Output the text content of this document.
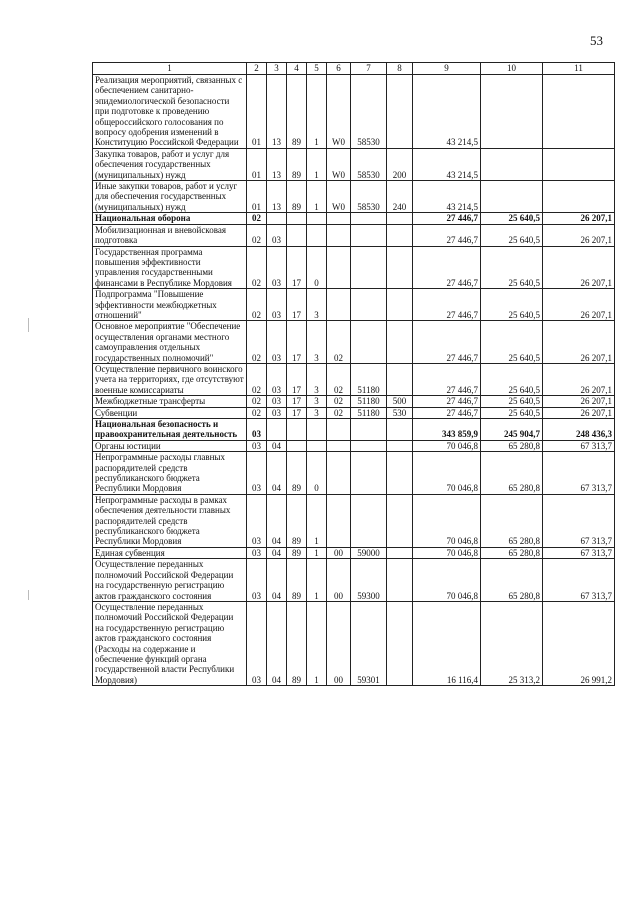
53
1	2	3	4	5	6	7	8	9	10	11
Реализация мероприятий, связанных с обеспечением санитарно-эпидемиологической безопасности при подготовке к проведению общероссийского голосования по вопросу одобрения изменений в Конституцию Российской Федерации	01	13	89	1	W0	58530		43 214,5		
Закупка товаров, работ и услуг для обеспечения государственных (муниципальных) нужд	01	13	89	1	W0	58530	200	43 214,5		
Иные закупки товаров, работ и услуг для обеспечения государственных (муниципальных) нужд	01	13	89	1	W0	58530	240	43 214,5		
Национальная оборона	02							27 446,7	25 640,5	26 207,1
Мобилизационная и вневойсковая подготовка	02	03						27 446,7	25 640,5	26 207,1
Государственная программа повышения эффективности управления государственными финансами в Республике Мордовия	02	03	17	0				27 446,7	25 640,5	26 207,1
Подпрограмма "Повышение эффективности межбюджетных отношений"	02	03	17	3				27 446,7	25 640,5	26 207,1
Основное мероприятие "Обеспечение осуществления органами местного самоуправления отдельных государственных полномочий"	02	03	17	3	02			27 446,7	25 640,5	26 207,1
Осуществление первичного воинского учета на территориях, где отсутствуют военные комиссариаты	02	03	17	3	02	51180		27 446,7	25 640,5	26 207,1
Межбюджетные трансферты	02	03	17	3	02	51180	500	27 446,7	25 640,5	26 207,1
Субвенции	02	03	17	3	02	51180	530	27 446,7	25 640,5	26 207,1
Национальная безопасность и правоохранительная деятельность	03							343 859,9	245 904,7	248 436,3
Органы юстиции	03	04						70 046,8	65 280,8	67 313,7
Непрограммные расходы главных распорядителей средств республиканского бюджета Республики Мордовия	03	04	89	0				70 046,8	65 280,8	67 313,7
Непрограммные расходы в рамках обеспечения деятельности главных распорядителей средств республиканского бюджета Республики Мордовия	03	04	89	1				70 046,8	65 280,8	67 313,7
Единая субвенция	03	04	89	1	00	59000		70 046,8	65 280,8	67 313,7
Осуществление переданных полномочий Российской Федерации на государственную регистрацию актов гражданского состояния	03	04	89	1	00	59300		70 046,8	65 280,8	67 313,7
Осуществление переданных полномочий Российской Федерации на государственную регистрацию актов гражданского состояния (Расходы на содержание и обеспечение функций органа государственной власти Республики Мордовия)	03	04	89	1	00	59301		16 116,4	25 313,2	26 991,2
